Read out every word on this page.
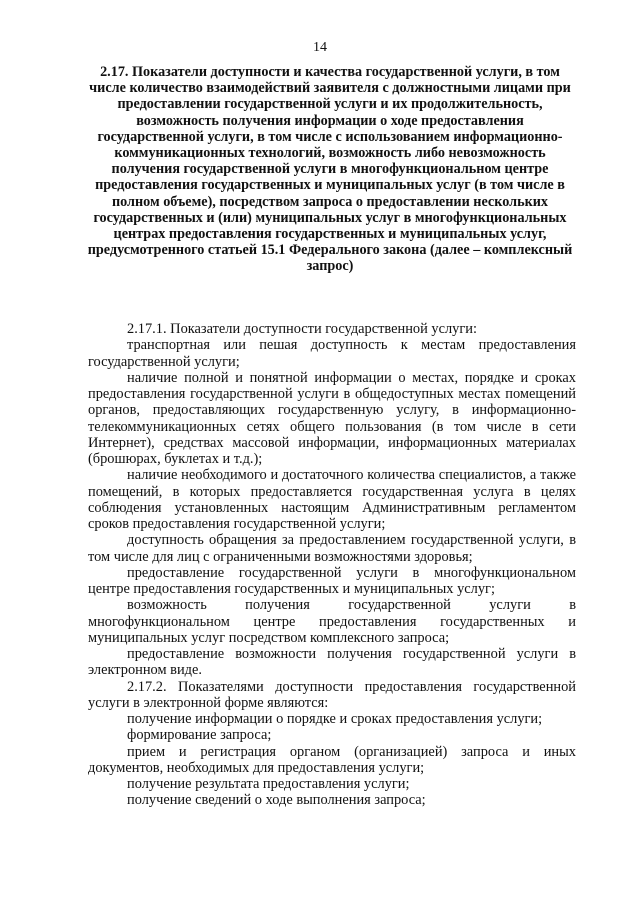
14
2.17. Показатели доступности и качества государственной услуги, в том числе количество взаимодействий заявителя с должностными лицами при предоставлении государственной услуги и их продолжительность, возможность получения информации о ходе предоставления государственной услуги, в том числе с использованием информационно-коммуникационных технологий, возможность либо невозможность получения государственной услуги в многофункциональном центре предоставления государственных и муниципальных услуг (в том числе в полном объеме), посредством запроса о предоставлении нескольких государственных и (или) муниципальных услуг в многофункциональных центрах предоставления государственных и муниципальных услуг, предусмотренного статьей 15.1 Федерального закона (далее – комплексный запрос)

2.17.1. Показатели доступности государственной услуги:

транспортная или пешая доступность к местам предоставления государственной услуги;

наличие полной и понятной информации о местах, порядке и сроках предоставления государственной услуги в общедоступных местах помещений органов, предоставляющих государственную услугу, в информационно-телекоммуникационных сетях общего пользования (в том числе в сети Интернет), средствах массовой информации, информационных материалах (брошюрах, буклетах и т.д.);

наличие необходимого и достаточного количества специалистов, а также помещений, в которых предоставляется государственная услуга в целях соблюдения установленных настоящим Административным регламентом сроков предоставления государственной услуги;

доступность обращения за предоставлением государственной услуги, в том числе для лиц с ограниченными возможностями здоровья;

предоставление государственной услуги в многофункциональном центре предоставления государственных и муниципальных услуг;

возможность получения государственной услуги в многофункциональном центре предоставления государственных и муниципальных услуг посредством комплексного запроса;

предоставление возможности получения государственной услуги в электронном виде.

2.17.2. Показателями доступности предоставления государственной услуги в электронной форме являются:

получение информации о порядке и сроках предоставления услуги;

формирование запроса;

прием и регистрация органом (организацией) запроса и иных документов, необходимых для предоставления услуги;

получение результата предоставления услуги;

получение сведений о ходе выполнения запроса;
